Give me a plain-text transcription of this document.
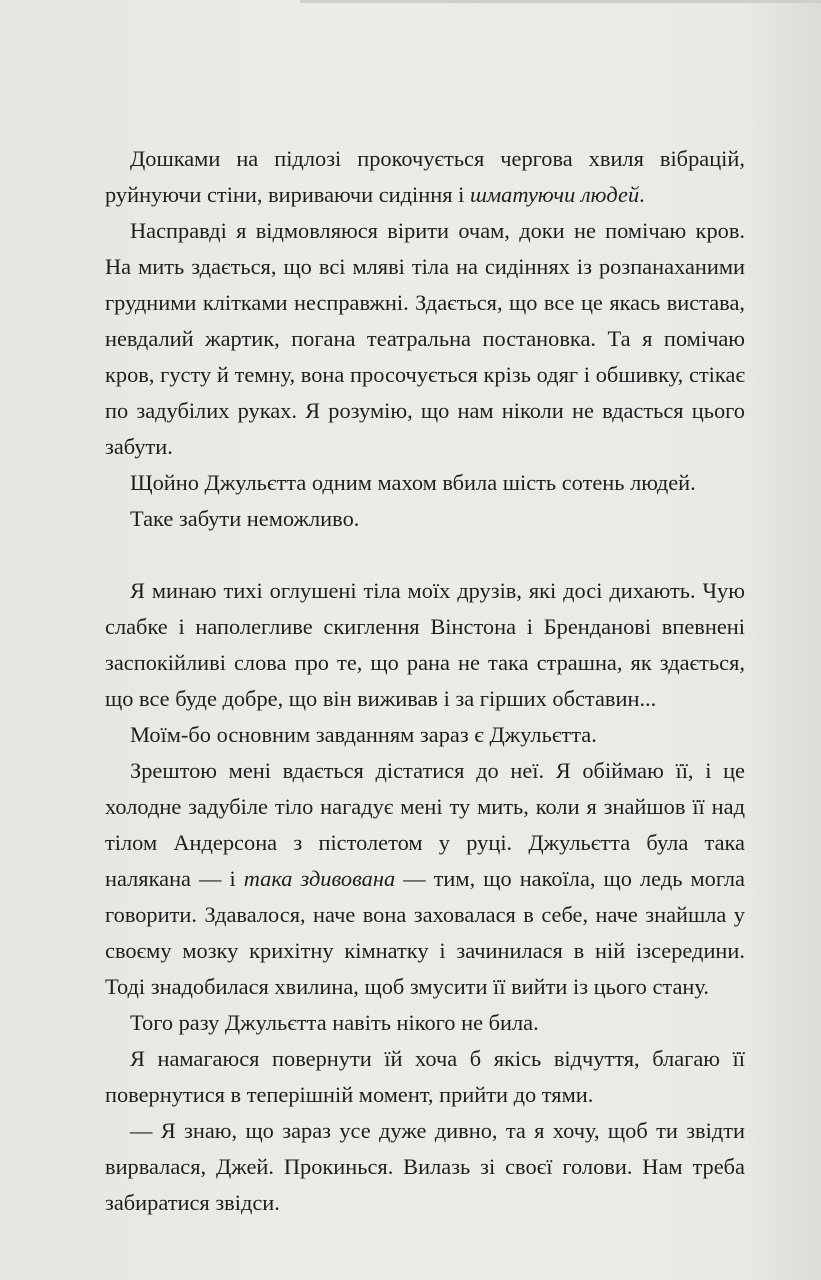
Дошками на підлозі прокочується чергова хвиля вібрацій, руйнуючи стіни, вириваючи сидіння і шматуючи людей.

Насправді я відмовляюся вірити очам, доки не помічаю кров. На мить здається, що всі мляві тіла на сидіннях із розпанаханими грудними клітками несправжні. Здається, що все це якась вистава, невдалий жартик, погана театральна постановка. Та я помічаю кров, густу й темну, вона просочується крізь одяг і обшивку, стікає по задубілих руках. Я розумію, що нам ніколи не вдасться цього забути.

Щойно Джульєтта одним махом вбила шість сотень людей.

Таке забути неможливо.

Я минаю тихі оглушені тіла моїх друзів, які досі дихають. Чую слабке і наполегливе скиглення Вінстона і Брендановi впевнені заспокійливі слова про те, що рана не така страшна, як здається, що все буде добре, що він виживав і за гірших обставин...

Моїм-бо основним завданням зараз є Джульєтта.

Зрештою мені вдається дістатися до неї. Я обіймаю її, і це холодне задубіле тіло нагадує мені ту мить, коли я знайшов її над тілом Андерсона з пістолетом у руці. Джульєтта була така налякана — і така здивована — тим, що накоїла, що ледь могла говорити. Здавалося, наче вона заховалася в себе, наче знайшла у своєму мозку крихітну кімнатку і зачинилася в ній ізсередини. Тоді знадобилася хвилина, щоб змусити її вийти із цього стану.

Того разу Джульєтта навіть нікого не била.

Я намагаюся повернути їй хоча б якісь відчуття, благаю її повернутися в теперішній момент, прийти до тями.

— Я знаю, що зараз усе дуже дивно, та я хочу, щоб ти звідти вирвалася, Джей. Прокинься. Вилазь зі своєї голови. Нам треба забиратися звідси.
